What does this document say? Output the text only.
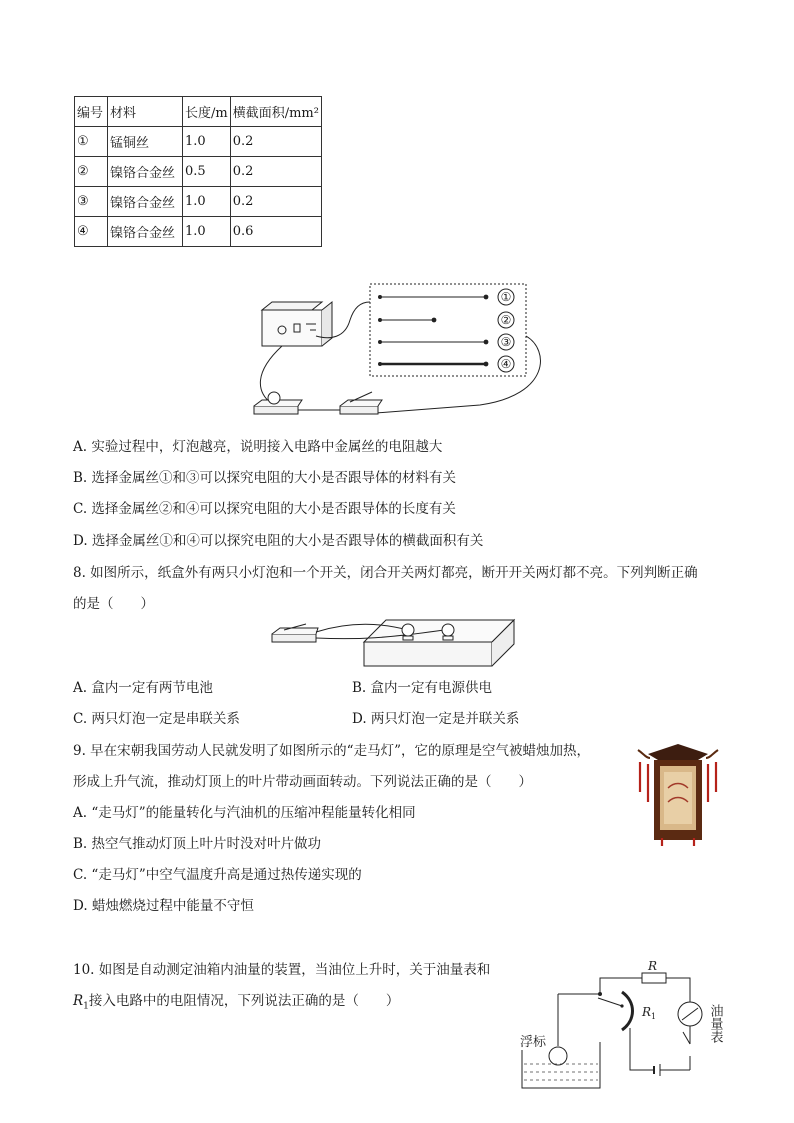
编号	材料	长度/m	横截面积/mm²
①	锰铜丝	1.0	0.2
②	镍铬合金丝	0.5	0.2
③	镍铬合金丝	1.0	0.2
④	镍铬合金丝	1.0	0.6
①
②
③
④
A. 实验过程中，灯泡越亮，说明接入电路中金属丝的电阻越大
B. 选择金属丝①和③可以探究电阻的大小是否跟导体的材料有关
C. 选择金属丝②和④可以探究电阻的大小是否跟导体的长度有关
D. 选择金属丝①和④可以探究电阻的大小是否跟导体的横截面积有关
8. 如图所示，纸盒外有两只小灯泡和一个开关，闭合开关两灯都亮，断开开关两灯都不亮。下列判断正确
的是（　　）
A. 盒内一定有两节电池	B. 盒内一定有电源供电
C. 两只灯泡一定是串联关系	D. 两只灯泡一定是并联关系
9. 早在宋朝我国劳动人民就发明了如图所示的“走马灯”，它的原理是空气被蜡烛加热，
形成上升气流，推动灯顶上的叶片带动画面转动。下列说法正确的是（　　）
A. “走马灯”的能量转化与汽油机的压缩冲程能量转化相同
B. 热空气推动灯顶上叶片时没对叶片做功
C. “走马灯”中空气温度升高是通过热传递实现的
D. 蜡烛燃烧过程中能量不守恒
10. 如图是自动测定油箱内油量的装置，当油位上升时，关于油量表和
$R_1$接入电路中的电阻情况，下列说法正确的是（　　）
R
R 1
浮标	油量表
